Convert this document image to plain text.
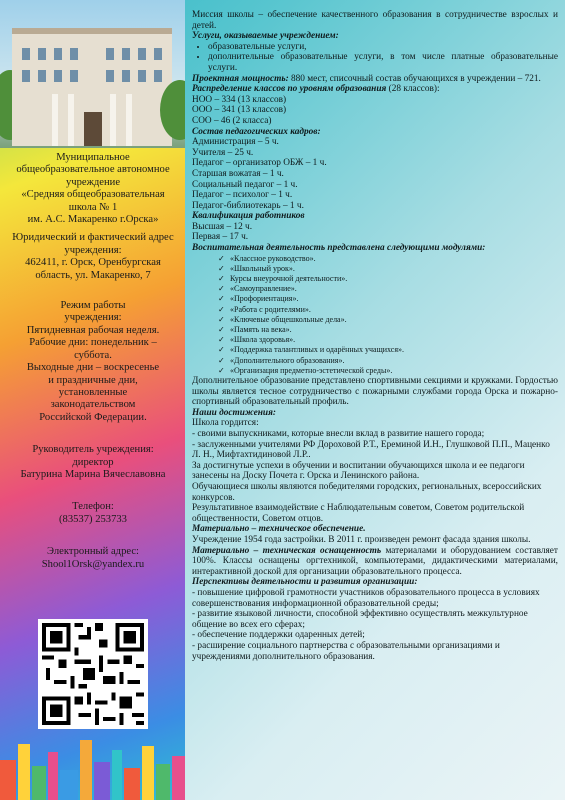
Муниципальное
общеобразовательное автономное
учреждение
«Средняя общеобразовательная
школа № 1
им. А.С. Макаренко г.Орска»
Юридический и фактический адрес
учреждения:
462411, г. Орск, Оренбургская
область, ул. Макаренко, 7
Режим работы
учреждения:
Пятидневная рабочая неделя.
Рабочие дни: понедельник –
суббота.
Выходные дни – воскресенье
и праздничные дни,
установленные
законодательством
Российской Федерации.
Руководитель учреждения:
директор
Батурина Марина Вячеславовна
Телефон:
(83537) 253733
Электронный адрес:
Shool1Orsk@yandex.ru

Миссия школы – обеспечение качественного образования в сотрудничестве взрослых и детей.

Услуги, оказываемые учреждением:

• образовательные услуги,
• дополнительные образовательные услуги, в том числе платные образовательные услуги.

Проектная мощность: 880 мест, списочный состав обучающихся в учреждении – 721.

Распределение классов по уровням образования (28 классов):

НОО – 334 (13 классов)

ООО – 341 (13 классов)

СОО – 46 (2 класса)

Состав педагогических кадров:

Администрация – 5 ч.

Учителя – 25 ч.

Педагог – организатор ОБЖ – 1 ч.

Старшая вожатая – 1 ч.

Социальный педагог – 1 ч.

Педагог – психолог – 1 ч.

Педагог-библиотекарь – 1 ч.

Квалификация работников

Высшая – 12 ч.

Первая – 17 ч.

Воспитательная деятельность представлена следующими модулями:

✓ «Классное руководство».
✓ «Школьный урок».
✓ Курсы внеурочной деятельности».
✓ «Самоуправление».
✓ «Профориентация».
✓ «Работа с родителями».
✓ «Ключевые общешкольные дела».
✓ «Память на века».
✓ «Школа здоровья».
✓ «Поддержка талантливых и одарённых учащихся».
✓ «Дополнительного образования».
✓ «Организация предметно-эстетической среды».

Дополнительное образование представлено спортивными секциями и кружками. Гордостью школы является тесное сотрудничество с пожарными службами города Орска и пожарно-спортивный образовательный профиль.

Наши достижения:

Школа гордится:

- своими выпускниками, которые внесли вклад в развитие нашего города;

- заслуженными учителями РФ Дороховой Р.Т., Ереминой И.Н., Глушковой П.П., Маценко Л. Н., Мифтахтидиновой Л.Р..

За достигнутые успехи в обучении и воспитании обучающихся школа и ее педагоги занесены на Доску Почета г. Орска и Ленинского района.

Обучающиеся школы являются победителями городских, региональных, всероссийских конкурсов.

Результативное взаимодействие с Наблюдательным советом, Советом родительской общественности, Советом отцов.

Материально – техническое обеспечение.

Учреждение 1954 года застройки. В 2011 г. произведен ремонт фасада здания школы.

Материально – техническая оснащенность материалами и оборудованием составляет 100%. Классы оснащены оргтехникой, компьютерами, дидактическими материалами, интерактивной доской для организации образовательного процесса.

Перспективы деятельности и развития организации:

- повышение цифровой грамотности участников образовательного процесса в условиях совершенствования информационной образовательной среды;

- развитие языковой личности, способной эффективно осуществлять межкультурное общение во всех его сферах;

- обеспечение поддержки одаренных детей;

- расширение социального партнерства с образовательными организациями и учреждениями дополнительного образования.
